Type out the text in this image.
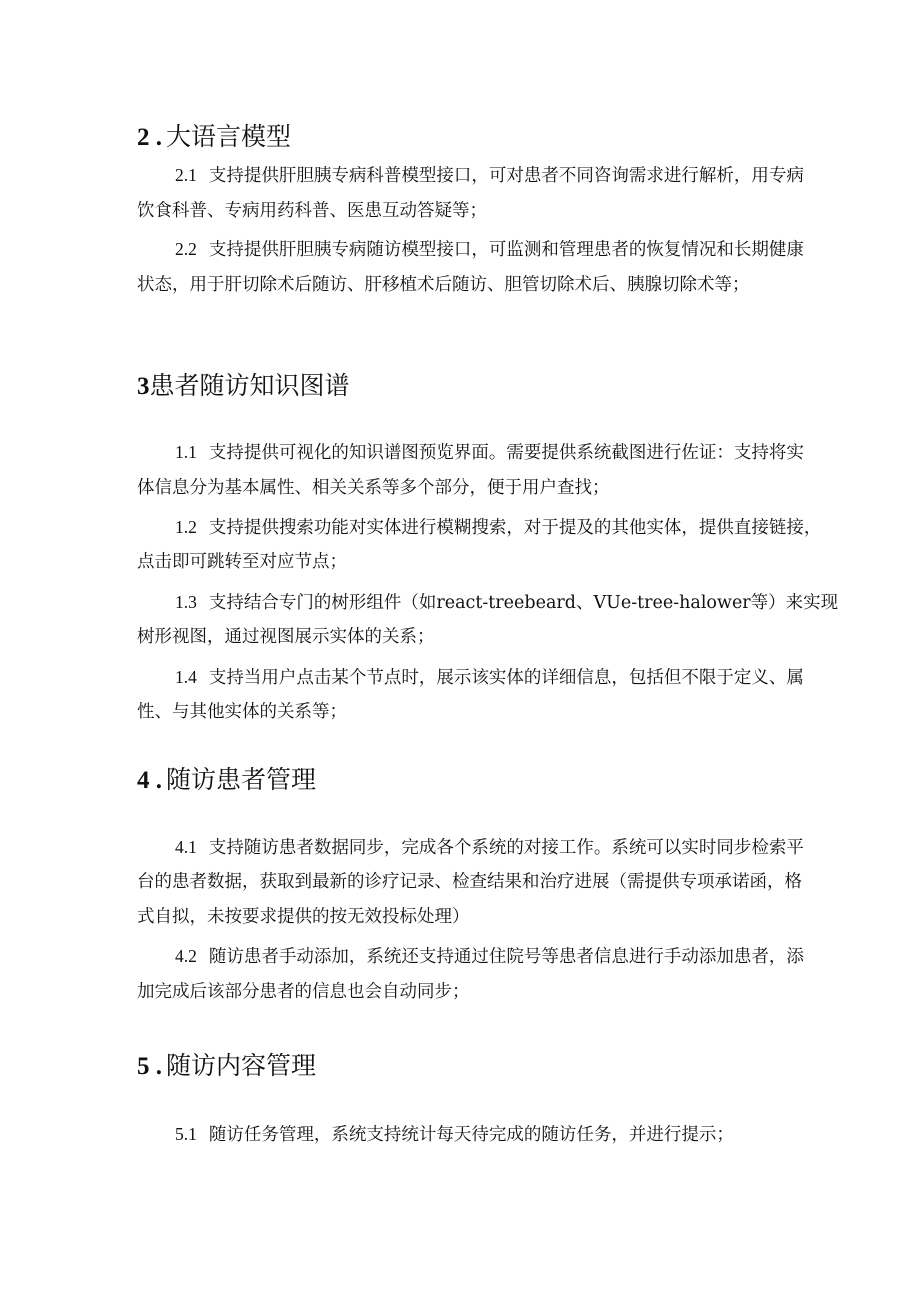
2 . 大语言模型
2.1 支持提供肝胆胰专病科普模型接口，可对患者不同咨询需求进行解析，用专病
饮食科普、专病用药科普、医患互动答疑等；
2.2 支持提供肝胆胰专病随访模型接口，可监测和管理患者的恢复情况和长期健康
状态，用于肝切除术后随访、肝移植术后随访、胆管切除术后、胰腺切除术等；
3患者随访知识图谱
1.1 支持提供可视化的知识谱图预览界面。需要提供系统截图进行佐证：支持将实
体信息分为基本属性、相关关系等多个部分，便于用户查找；
1.2 支持提供搜索功能对实体进行模糊搜索，对于提及的其他实体，提供直接链接，
点击即可跳转至对应节点；
1.3 支持结合专门的树形组件（如react-treebeard、VUe-tree-halower等）来实现
树形视图，通过视图展示实体的关系；
1.4 支持当用户点击某个节点时，展示该实体的详细信息，包括但不限于定义、属
性、与其他实体的关系等；
4 . 随访患者管理
4.1 支持随访患者数据同步，完成各个系统的对接工作。系统可以实时同步检索平
台的患者数据，获取到最新的诊疗记录、检查结果和治疗进展（需提供专项承诺函，格
式自拟，未按要求提供的按无效投标处理）
4.2 随访患者手动添加，系统还支持通过住院号等患者信息进行手动添加患者，添
加完成后该部分患者的信息也会自动同步；
5 . 随访内容管理
5.1 随访任务管理，系统支持统计每天待完成的随访任务，并进行提示；
